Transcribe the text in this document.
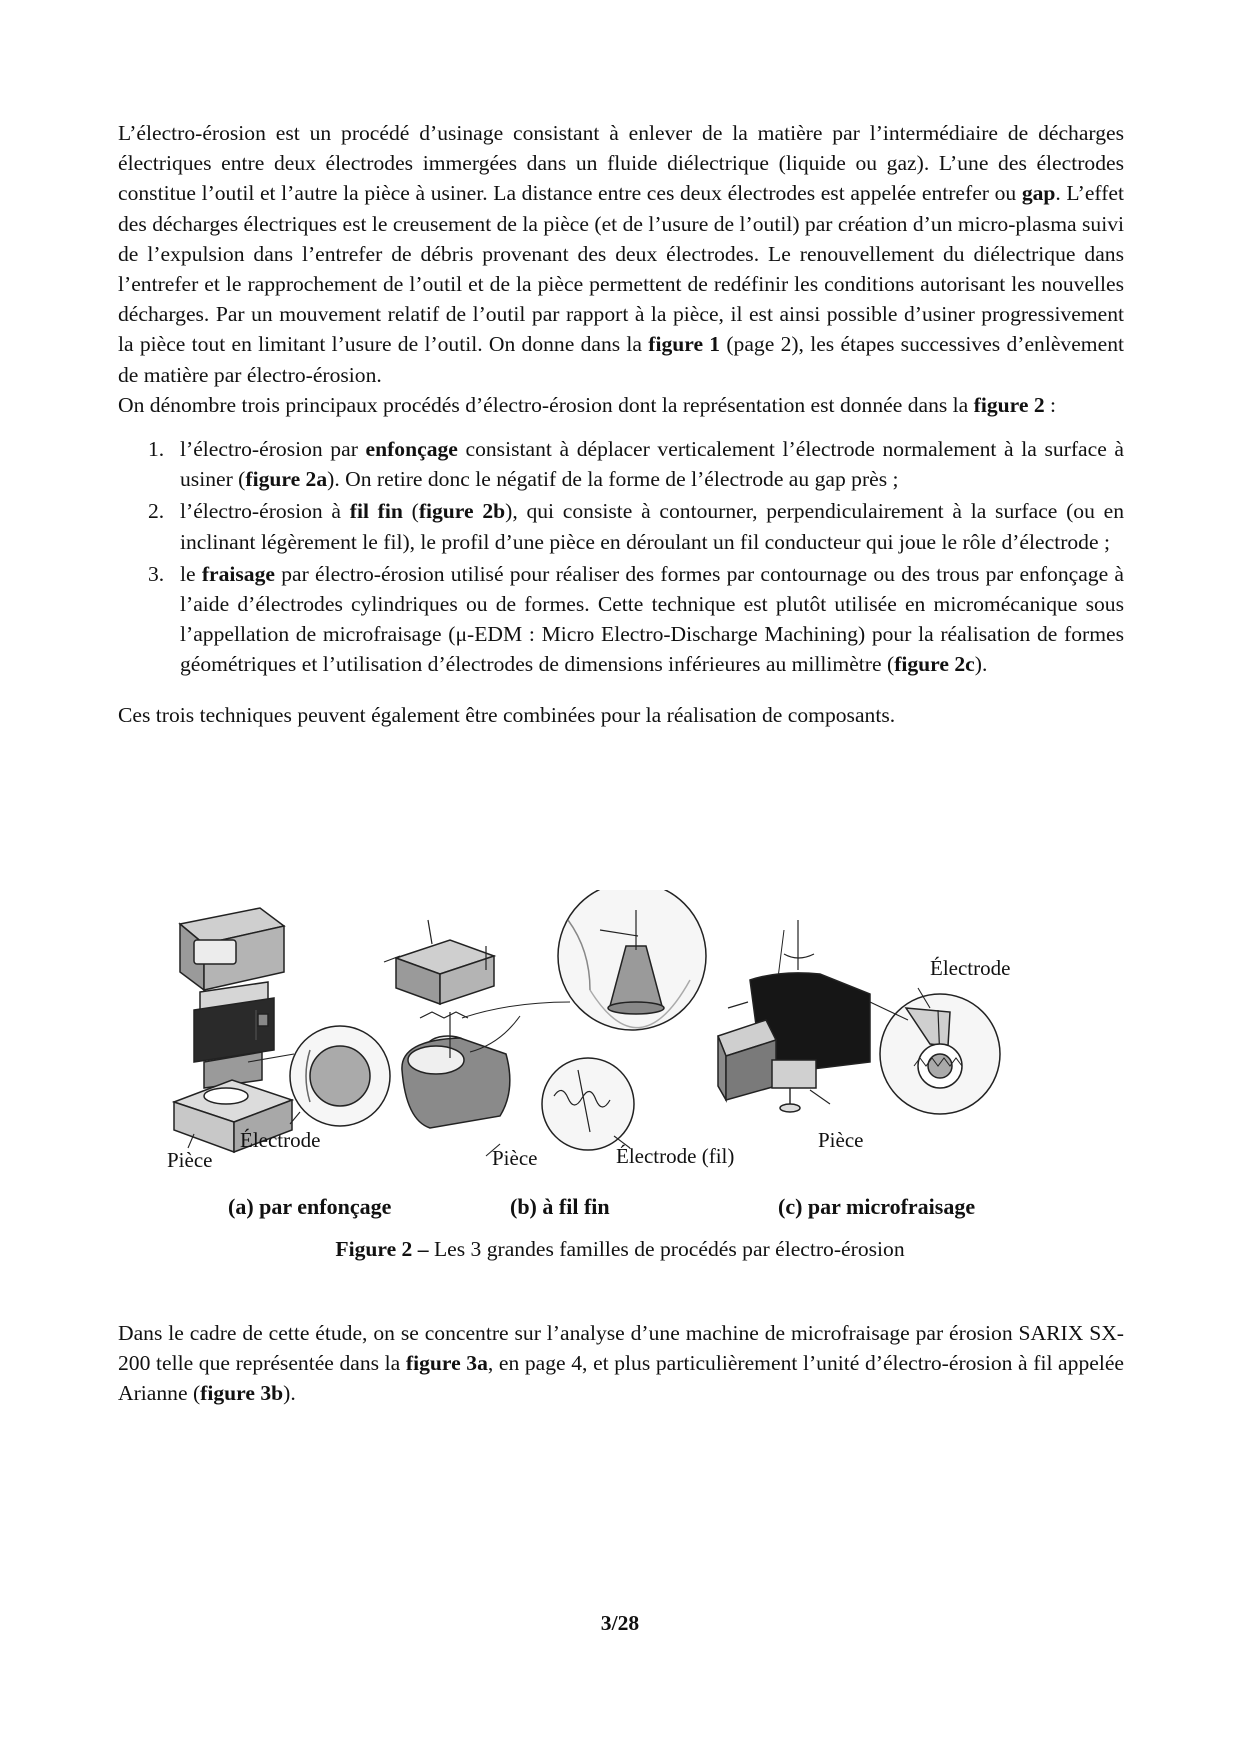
L’électro-érosion est un procédé d’usinage consistant à enlever de la matière par l’intermédiaire de décharges électriques entre deux électrodes immergées dans un fluide diélectrique (liquide ou gaz). L’une des électrodes constitue l’outil et l’autre la pièce à usiner. La distance entre ces deux électrodes est appelée entrefer ou gap. L’effet des décharges électriques est le creusement de la pièce (et de l’usure de l’outil) par création d’un micro-plasma suivi de l’expulsion dans l’entrefer de débris provenant des deux électrodes. Le renouvellement du diélectrique dans l’entrefer et le rapprochement de l’outil et de la pièce permettent de redéfinir les conditions autorisant les nouvelles décharges. Par un mouvement relatif de l’outil par rapport à la pièce, il est ainsi possible d’usiner progressivement la pièce tout en limitant l’usure de l’outil. On donne dans la figure 1 (page 2), les étapes successives d’enlèvement de matière par électro-érosion.

On dénombre trois principaux procédés d’électro-érosion dont la représentation est donnée dans la figure 2 :

1. l’électro-érosion par enfonçage consistant à déplacer verticalement l’électrode normalement à la surface à usiner (figure 2a). On retire donc le négatif de la forme de l’électrode au gap près ;
2. l’électro-érosion à fil fin (figure 2b), qui consiste à contourner, perpendiculairement à la surface (ou en inclinant légèrement le fil), le profil d’une pièce en déroulant un fil conducteur qui joue le rôle d’électrode ;
3. le fraisage par électro-érosion utilisé pour réaliser des formes par contournage ou des trous par enfonçage à l’aide d’électrodes cylindriques ou de formes. Cette technique est plutôt utilisée en micromécanique sous l’appellation de microfraisage (μ-EDM : Micro Electro-Discharge Machining) pour la réalisation de formes géométriques et l’utilisation d’électrodes de dimensions inférieures au millimètre (figure 2c).

Ces trois techniques peuvent également être combinées pour la réalisation de composants.

Pièce
Électrode
(a) par enfonçage
Pièce	Électrode (fil)
(b) à fil fin
Électrode
Pièce
(c) par microfraisage
Figure 2 – Les 3 grandes familles de procédés par électro-érosion

Dans le cadre de cette étude, on se concentre sur l’analyse d’une machine de microfraisage par érosion SARIX SX-200 telle que représentée dans la figure 3a, en page 4, et plus particulièrement l’unité d’électro-érosion à fil appelée Arianne (figure 3b).

3/28
